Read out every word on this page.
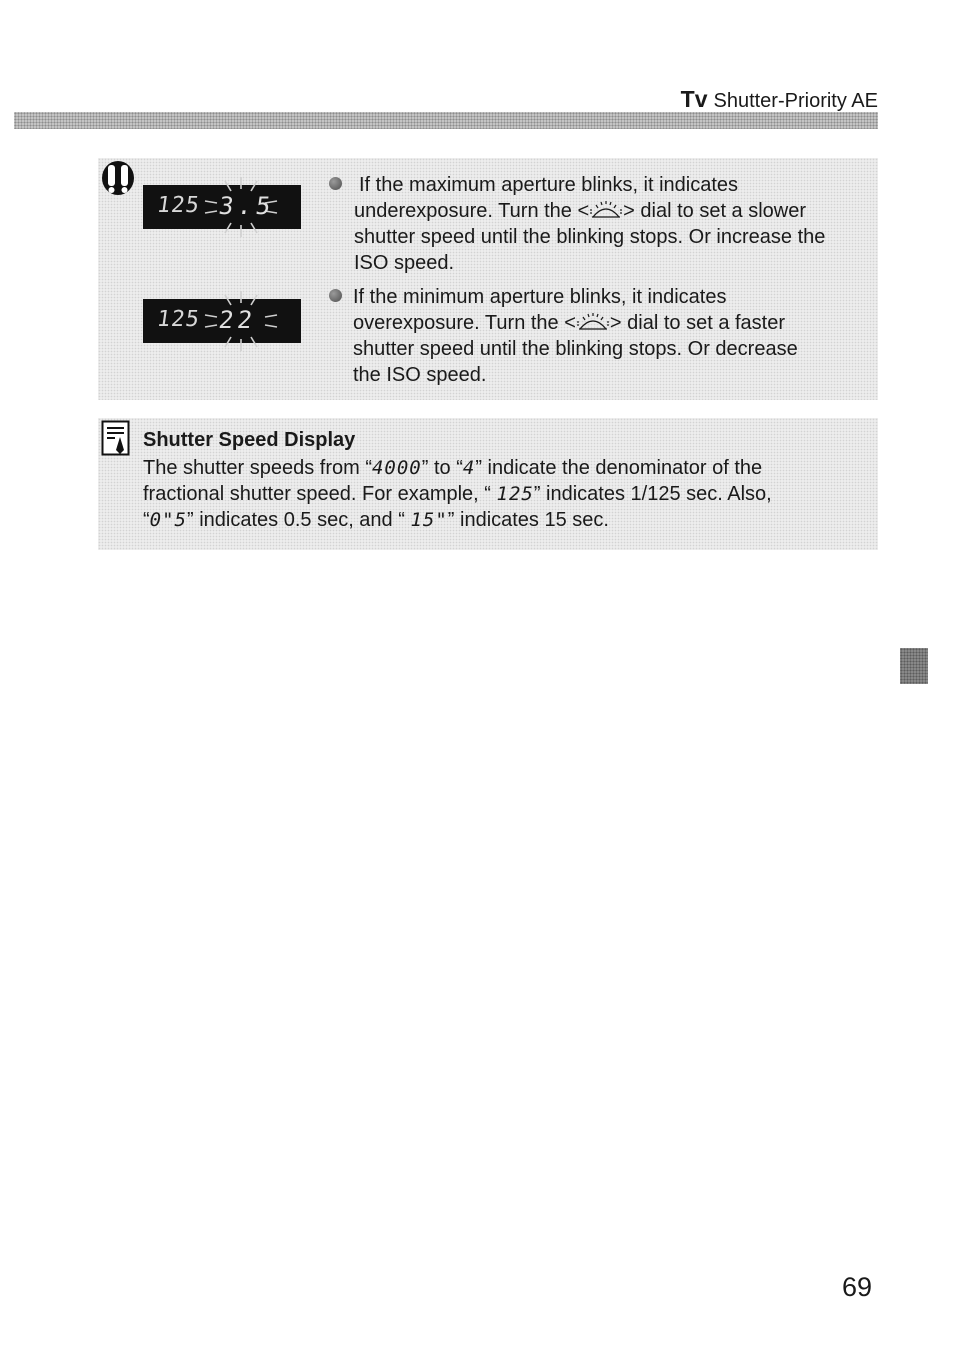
Tv Shutter-Priority AE
125 3.5
125 22
If the maximum aperture blinks, it indicates
underexposure. Turn the < > dial to set a slower
shutter speed until the blinking stops. Or increase the
ISO speed.
If the minimum aperture blinks, it indicates
overexposure. Turn the < > dial to set a faster
shutter speed until the blinking stops. Or decrease
the ISO speed.
Shutter Speed Display
The shutter speeds from “4000” to “4” indicate the denominator of the
fractional shutter speed. For example, “ 125” indicates 1/125 sec. Also,
“0"5” indicates 0.5 sec, and “ 15"” indicates 15 sec.
69
